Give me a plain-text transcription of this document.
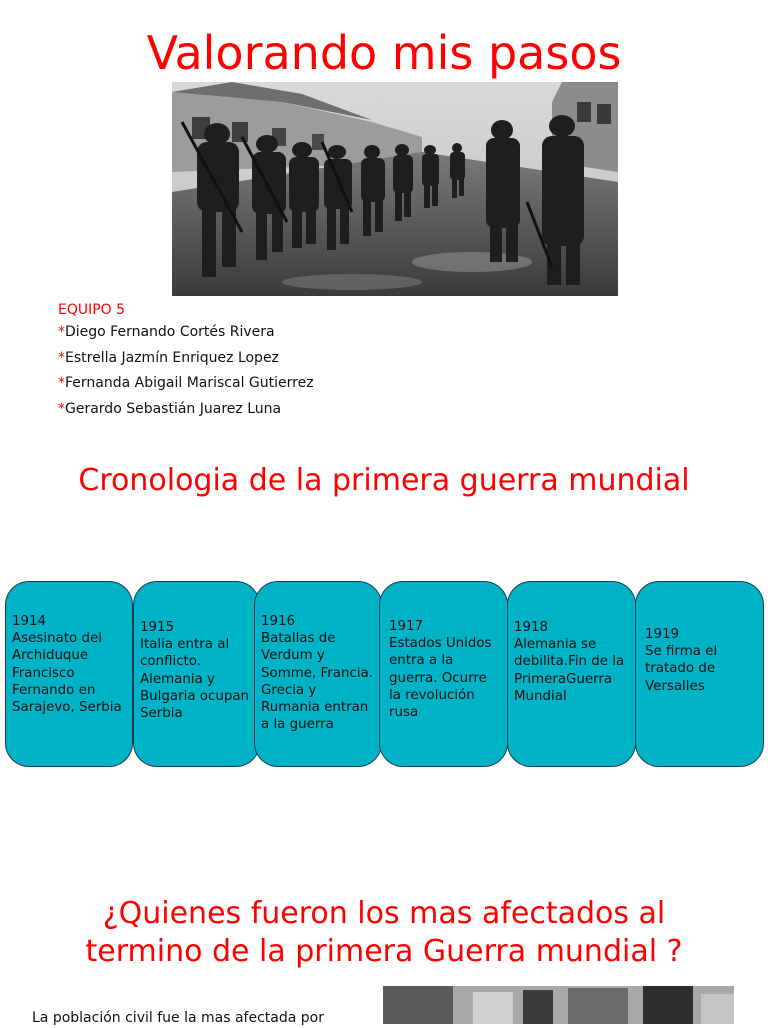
Valorando mis pasos
EQUIPO 5
*Diego Fernando Cortés Rivera
*Estrella Jazmín Enriquez Lopez
*Fernanda Abigail Mariscal Gutierrez
*Gerardo Sebastián Juarez Luna
Cronologia de la primera guerra mundial
1914
Asesinato del Archiduque Francisco Fernando en Sarajevo, Serbia
1915
Italia entra al conflicto. Alemania y Bulgaria ocupan Serbia
1916
Batallas de Verdum y Somme, Francia. Grecia y Rumania entran a la guerra
1917
Estados Unidos entra a la guerra. Ocurre la revolución rusa
1918
Alemania se debilita.Fin de la PrimeraGuerra Mundial
1919
Se firma el tratado de Versalles
¿Quienes fueron los mas afectados al termino de la primera Guerra mundial ?
La población civil fue la mas afectada por
